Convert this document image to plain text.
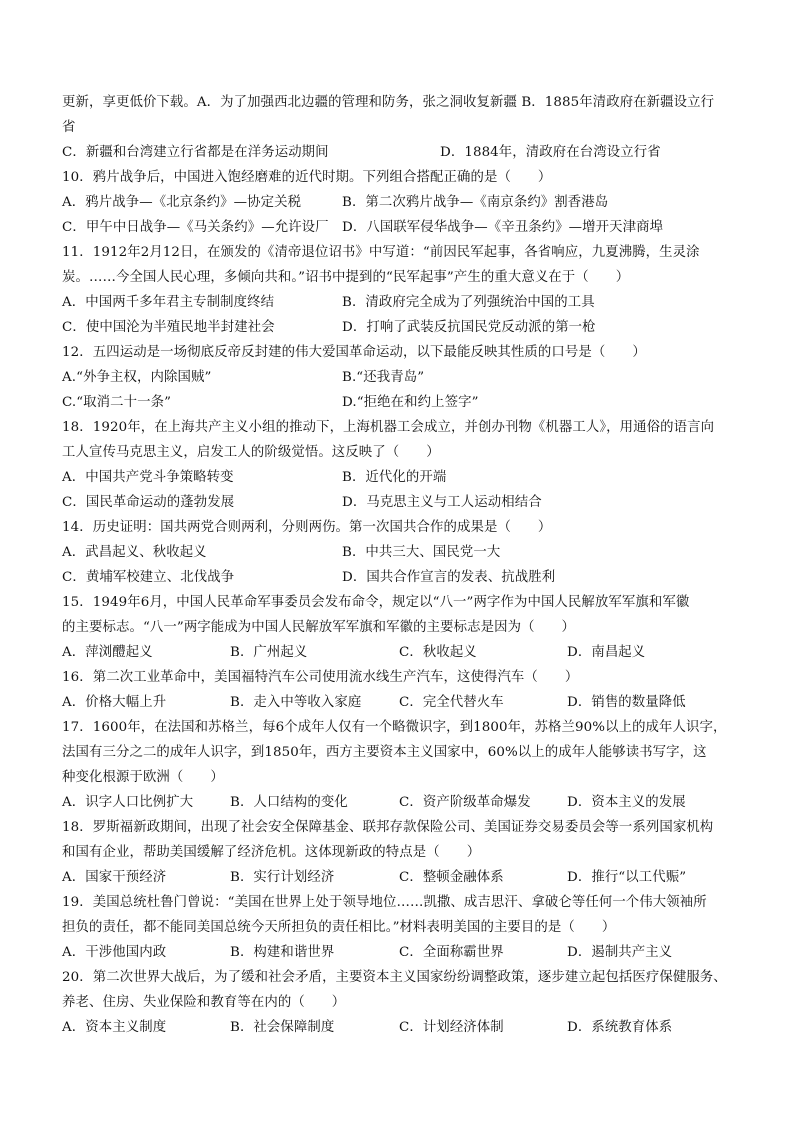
更新，享更低价下载。A．为了加强西北边疆的管理和防务，张之洞收复新疆 B．1885年清政府在新疆设立行
省
C．新疆和台湾建立行省都是在洋务运动期间	D．1884年，清政府在台湾设立行省
10．鸦片战争后，中国进入饱经磨难的近代时期。下列组合搭配正确的是（　　）
A．鸦片战争—《北京条约》—协定关税	B．第二次鸦片战争—《南京条约》割香港岛
C．甲午中日战争—《马关条约》—允许设厂 D．八国联军侵华战争—《辛丑条约》—增开天津商埠
11．1912年2月12日，在颁发的《清帝退位诏书》中写道：“前因民军起事，各省响应，九夏沸腾，生灵涂
炭。……今全国人民心理，多倾向共和。”诏书中提到的“民军起事”产生的重大意义在于（　　）
A．中国两千多年君主专制制度终结	B．清政府完全成为了列强统治中国的工具
C．使中国沦为半殖民地半封建社会	D．打响了武装反抗国民党反动派的第一枪
12．五四运动是一场彻底反帝反封建的伟大爱国革命运动，以下最能反映其性质的口号是（　　）
A.“外争主权，内除国贼”	B.“还我青岛”
C.“取消二十一条”	D.“拒绝在和约上签字”
18．1920年，在上海共产主义小组的推动下，上海机器工会成立，并创办刊物《机器工人》，用通俗的语言向
工人宣传马克思主义，启发工人的阶级觉悟。这反映了（　　）
A．中国共产党斗争策略转变	B．近代化的开端
C．国民革命运动的蓬勃发展	D．马克思主义与工人运动相结合
14．历史证明：国共两党合则两利，分则两伤。第一次国共合作的成果是（　　）
A．武昌起义、秋收起义	B．中共三大、国民党一大
C．黄埔军校建立、北伐战争	D．国共合作宣言的发表、抗战胜利
15．1949年6月，中国人民革命军事委员会发布命令，规定以“八一”两字作为中国人民解放军军旗和军徽
的主要标志。“八一”两字能成为中国人民解放军军旗和军徽的主要标志是因为（　　）
A．萍浏醴起义	B．广州起义	C．秋收起义	D．南昌起义
16．第二次工业革命中，美国福特汽车公司使用流水线生产汽车，这使得汽车（　　）
A．价格大幅上升	B．走入中等收入家庭	C．完全代替火车	D．销售的数量降低
17．1600年，在法国和苏格兰，每6个成年人仅有一个略微识字，到1800年，苏格兰90%以上的成年人识字，
法国有三分之二的成年人识字，到1850年，西方主要资本主义国家中，60%以上的成年人能够读书写字，这
种变化根源于欧洲（　　）
A．识字人口比例扩大	B．人口结构的变化	C．资产阶级革命爆发	D．资本主义的发展
18．罗斯福新政期间，出现了社会安全保障基金、联邦存款保险公司、美国证券交易委员会等一系列国家机构
和国有企业，帮助美国缓解了经济危机。这体现新政的特点是（　　）
A．国家干预经济	B．实行计划经济	C．整顿金融体系	D．推行“以工代赈”
19．美国总统杜鲁门曾说：“美国在世界上处于领导地位……凯撒、成吉思汗、拿破仑等任何一个伟大领袖所
担负的责任，都不能同美国总统今天所担负的责任相比。”材料表明美国的主要目的是（　　）
A．干涉他国内政	B．构建和谐世界	C．全面称霸世界	D．遏制共产主义
20．第二次世界大战后，为了缓和社会矛盾，主要资本主义国家纷纷调整政策，逐步建立起包括医疗保健服务、
养老、住房、失业保险和教育等在内的（　　）
A．资本主义制度	B．社会保障制度	C．计划经济体制	D．系统教育体系
